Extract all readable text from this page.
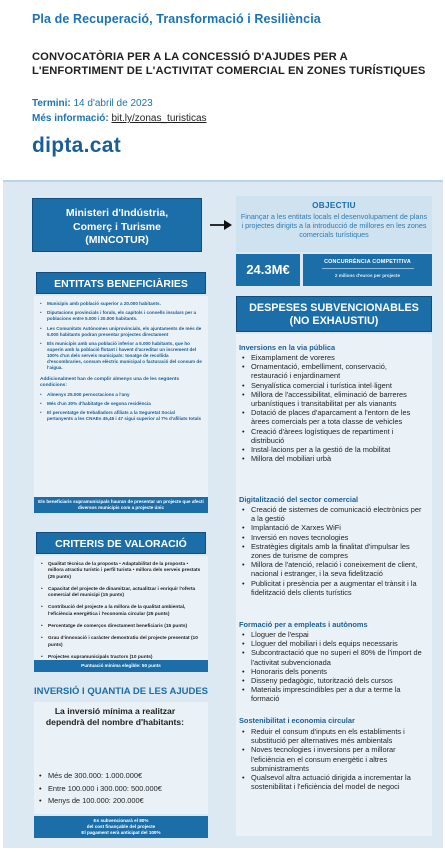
Pla de Recuperació, Transformació i Resiliència
CONVOCATÒRIA PER A LA CONCESSIÓ D'AJUDES PER A L'ENFORTIMENT DE L'ACTIVITAT COMERCIAL EN ZONES TURÍSTIQUES
Termini: 14 d'abril de 2023
Més informació: bit.ly/zonas_turisticas
dipta.cat
Ministeri d'Indústria,
Comerç i Turisme
(MINCOTUR)
OBJECTIU
Finançar a les entitats locals el desenvolupament de plans i projectes dirigits a la introducció de millores en les zones comercials turístiques
24.3M€	CONCURRÈNCIA COMPETITIVA
2 milions d'euros per projecte
ENTITATS BENEFICIÀRIES
• Municipis amb població superior a 20.000 habitants.
• Diputacions provincials i forals, els capitols i consells insulars per a poblacions entre 5.000 i 20.000 habitants.
• Les Comunitats Autònomes uniprovincials, els ajuntaments de més de 5.000 habitants podran presentar projectes directament
• Els municipis amb una població inferior a 5.000 habitants, que ho superin amb la població flotant i havent d'acreditar un increment del 100% d'un dels serveis municipals: tonatge de recollida d'escombraries, consum elèctric municipal o facturació del consum de l'aigua.
Addicionalment han de complir almenys una de les següents condicions:
• Almenys 25.000 pernoctacions a l'any
• Més d'un 30% d'habitatge de segona residència
• El percentatge de treballadors afiliats a la Seguretat Social pertanyents a les CNAEs 45,46 i 47 sigui superior al 7% d'afiliats totals
Els beneficiaris supramunicipals hauran de presentar un projecte que afecti diversos municipis com a projecte únic
CRITERIS DE VALORACIÓ
• Qualitat tècnica de la proposta • Adaptabilitat de la proposta • millora atractiu turístic i perfil turista • millora dels serveis prestats (25 punts)
• Capacitat del projecte de dinamitzar, actualitzar i enriquir l'oferta comercial del municipi (15 punts)
• Contribució del projecte a la millora de la qualitat ambiental, l'eficiència energètica i l'economia circular (25 punts)
• Percentatge de comerços directament beneficiaris (15 punts)
• Grau d'innovació i caràcter demostratiu del projecte presentat (10 punts)
• Projectes supramunicipals tractors (10 punts)
Puntuació mínima elegible: 50 punts
INVERSIÓ I QUANTIA DE LES AJUDES
La inversió mínima a realitzar dependrà del nombre d'habitants:
• Més de 300.000: 1.000.000€
• Entre 100.000 i 300.000: 500.000€
• Menys de 100.000: 200.000€
Es subvencionarà el 80%
del cost finançable del projecte
El pagament serà anticipat del 100%
DESPESES SUBVENCIONABLES
(NO EXHAUSTIU)
Inversions en la via pública
• Eixamplament de voreres
• Ornamentació, embelliment, conservació, restauració i enjardinament
• Senyalística comercial i turística intel·ligent
• Millora de l'accessibilitat, eliminació de barreres urbanístiques i transitabilitat per als vianants
• Dotació de places d'aparcament a l'entorn de les àrees comercials per a tota classe de vehicles
• Creació d'àrees logístiques de repartiment i distribució
• Instal·lacions per a la gestió de la mobilitat
• Millora del mobiliari urbà
Digitalització del sector comercial
• Creació de sistemes de comunicació electrònics per a la gestió
• Implantació de Xarxes WiFi
• Inversió en noves tecnologies
• Estratègies digitals amb la finalitat d'impulsar les zones de turisme de compres
• Millora de l'atenció, relació i coneixement de client, nacional i estranger, i la seva fidelització
• Publicitat i presència per a augmentar el trànsit i la fidelització dels clients turístics
Formació per a empleats i autònoms
• Lloguer de l'espai
• Lloguer del mobiliari i dels equips necessaris
• Subcontractació que no superi el 80% de l'import de l'activitat subvencionada
• Honoraris dels ponents
• Disseny pedagògic, tutorització dels cursos
• Materials imprescindibles per a dur a terme la formació
Sostenibilitat i economia circular
• Reduir el consum d'inputs en els establiments i substitució per alternatives més ambientals
• Noves tecnologies i inversions per a millorar l'eficiència en el consum energètic i altres subministraments
• Qualsevol altra actuació dirigida a incrementar la sostenibilitat i l'eficiència del model de negoci
